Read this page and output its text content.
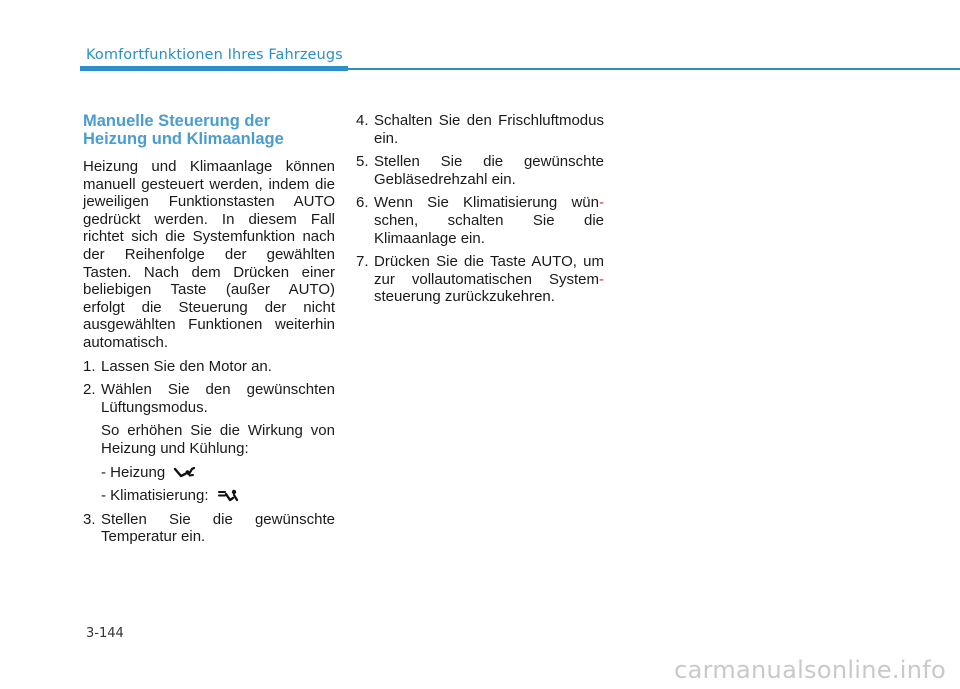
Komfortfunktionen Ihres Fahrzeugs
Manuelle Steuerung der
Heizung und Klimaanlage
Heizung und Klimaanlage können manuell gesteuert werden, indem die jeweiligen Funktionstasten AUTO gedrückt werden. In diesem Fall richtet sich die Systemfunktion nach der Reihenfolge der gewählten Tasten. Nach dem Drücken einer beliebigen Taste (außer AUTO) erfolgt die Steuerung der nicht ausgewählten Funktionen weiterhin automatisch.
1. Lassen Sie den Motor an.
2. Wählen Sie den gewünschten Lüftungsmodus.
So erhöhen Sie die Wirkung von Heizung und Kühlung:
- Heizung
- Klimatisierung:
3. Stellen Sie die gewünschte Temperatur ein.
4. Schalten Sie den Frischluftmodus ein.
5. Stellen Sie die gewünschte Gebläsedrehzahl ein.
6. Wenn Sie Klimatisierung wün- schen, schalten Sie die Klimaanlage ein.
7. Drücken Sie die Taste AUTO, um zur vollautomatischen System- steuerung zurückzukehren.
3-144
carmanualsonline.info
